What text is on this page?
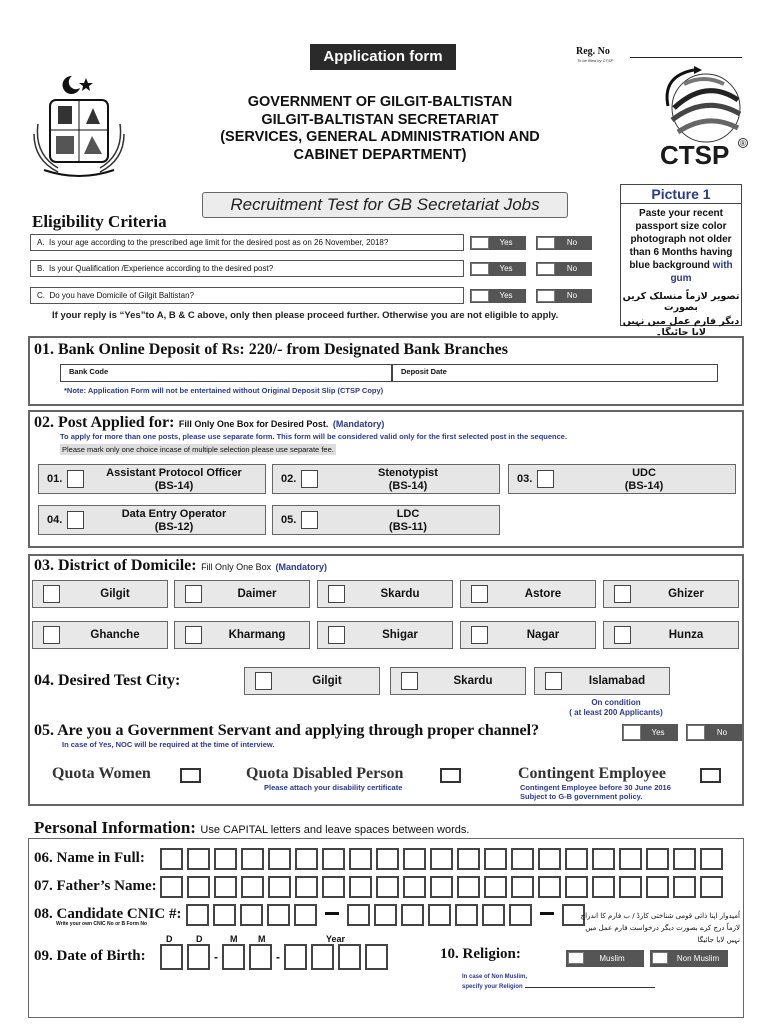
Application form	Reg. No
To be filled by CTSP
GOVERNMENT OF GILGIT-BALTISTAN
GILGIT-BALTISTAN SECRETARIAT
(SERVICES, GENERAL ADMINISTRATION AND
CABINET DEPARTMENT)	CTSP ®
Picture 1
Paste your recent passport size color photograph not older than 6 Months having blue background with gum
تصویر لازماً منسلک کریں بصورت
دیگر فارم عمل میں نہیں لایا جائیگا۔
Recruitment Test for GB Secretariat Jobs
Eligibility Criteria
A. Is your age according to the prescribed age limit for the desired post as on 26 November, 2018?	Yes	No
B. Is your Qualification /Experience according to the desired post?	Yes	No
C. Do you have Domicile of Gilgit Baltistan?	Yes	No
If your reply is “Yes”to A, B & C above, only then please proceed further. Otherwise you are not eligible to apply.
01. Bank Online Deposit of Rs: 220/- from Designated Bank Branches
Bank Code	Deposit Date
*Note: Application Form will not be entertained without Original Deposit Slip (CTSP Copy)
02. Post Applied for: Fill Only One Box for Desired Post. (Mandatory)
To apply for more than one posts, please use separate form. This form will be considered valid only for the first selected post in the sequence.
Please mark only one choice incase of multiple selection please use separate fee.
01.	Assistant Protocol Officer
(BS-14)
02.	Stenotypist
(BS-14)
03.	UDC
(BS-14)
04.	Data Entry Operator
(BS-12)
05.	LDC
(BS-11)
03. District of Domicile: Fill Only One Box (Mandatory)
Gilgit	Daimer	Skardu	Astore	Ghizer
Ghanche	Kharmang	Shigar	Nagar	Hunza
04. Desired Test City:	Gilgit	Skardu	Islamabad
On condition
( at least 200 Applicants)
05. Are you a Government Servant and applying through proper channel?	Yes	No
In case of Yes, NOC will be required at the time of interview.
Quota Women	Quota Disabled Person
Please attach your disability certificate
Contingent Employee
Contingent Employee before 30 June 2016
Subject to G-B government policy.
Personal Information: Use CAPITAL letters and leave spaces between words.
06. Name in Full:
07. Father’s Name:
08. Candidate CNIC #:
Write your own CNIC No or B Form No
اُمیدوار اپنا ذاتی قومی شناختی کارڈ / ب فارم کا اندراج
لازماً درج کرے بصورت دیگر درخواست فارم عمل میں نہیں لایا جائیگا
D	D	M M	Year
09. Date of Birth:	-	-	10. Religion:	Muslim	Non Muslim
In case of Non Muslim,
specify your Religion
